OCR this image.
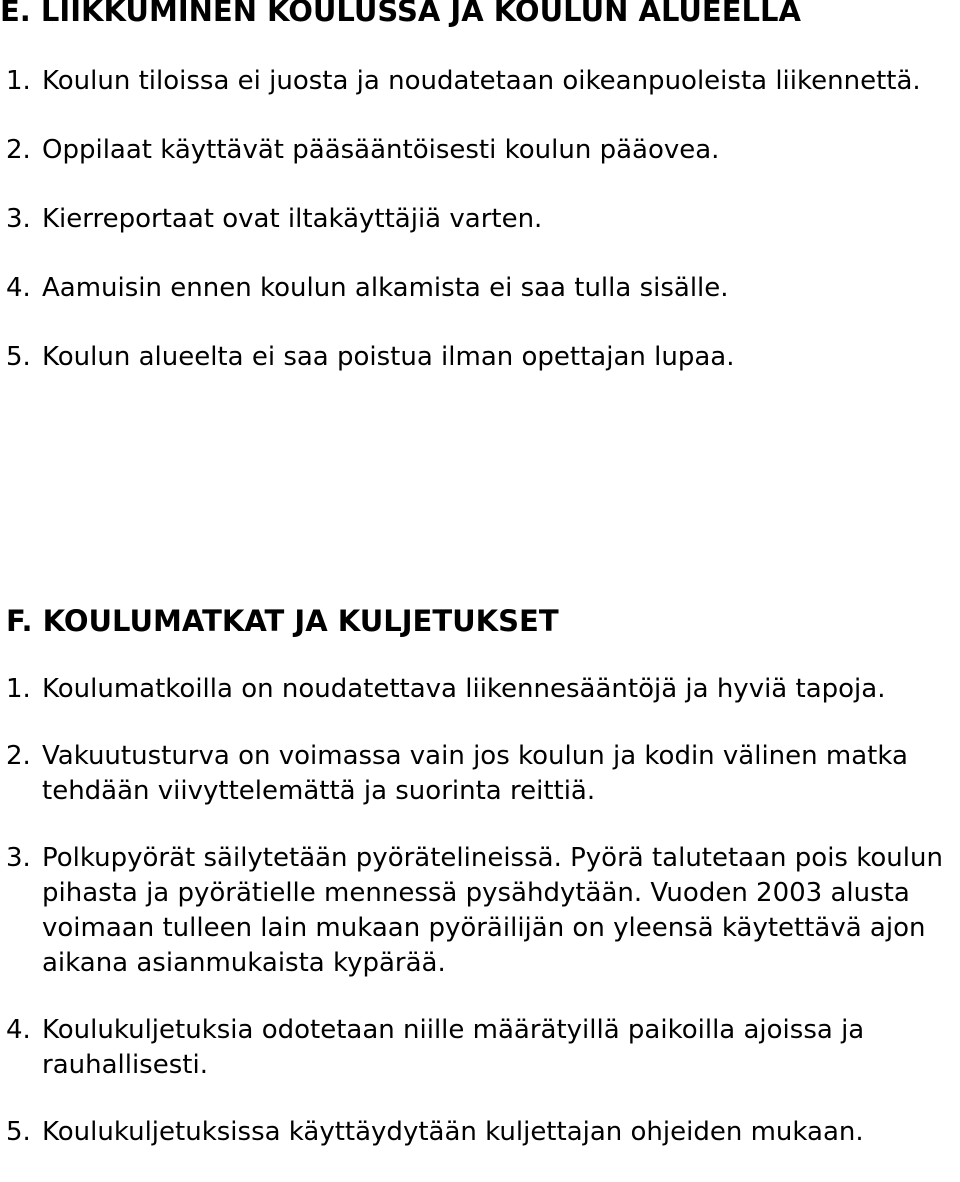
E. LIIKKUMINEN KOULUSSA JA KOULUN ALUEELLA
1. Koulun tiloissa ei juosta ja noudatetaan oikeanpuoleista liikennettä.
2. Oppilaat käyttävät pääsääntöisesti koulun pääovea.
3. Kierreportaat ovat iltakäyttäjiä varten.
4. Aamuisin ennen koulun alkamista ei saa tulla sisälle.
5. Koulun alueelta ei saa poistua ilman opettajan lupaa.
F. KOULUMATKAT JA KULJETUKSET
1. Koulumatkoilla on noudatettava liikennesääntöjä ja hyviä tapoja.
2. Vakuutusturva on voimassa vain jos koulun ja kodin välinen matka tehdään viivyttelemättä ja suorinta reittiä.
3. Polkupyörät säilytetään pyörätelineissä. Pyörä talutetaan pois koulun pihasta ja pyörätielle mennessä pysähdytään. Vuoden 2003 alusta voimaan tulleen lain mukaan pyöräilijän on yleensä käytettävä ajon aikana asianmukaista kypärää.
4. Koulukuljetuksia odotetaan niille määrätyillä paikoilla ajoissa ja rauhallisesti.
5. Koulukuljetuksissa käyttäydytään kuljettajan ohjeiden mukaan.
